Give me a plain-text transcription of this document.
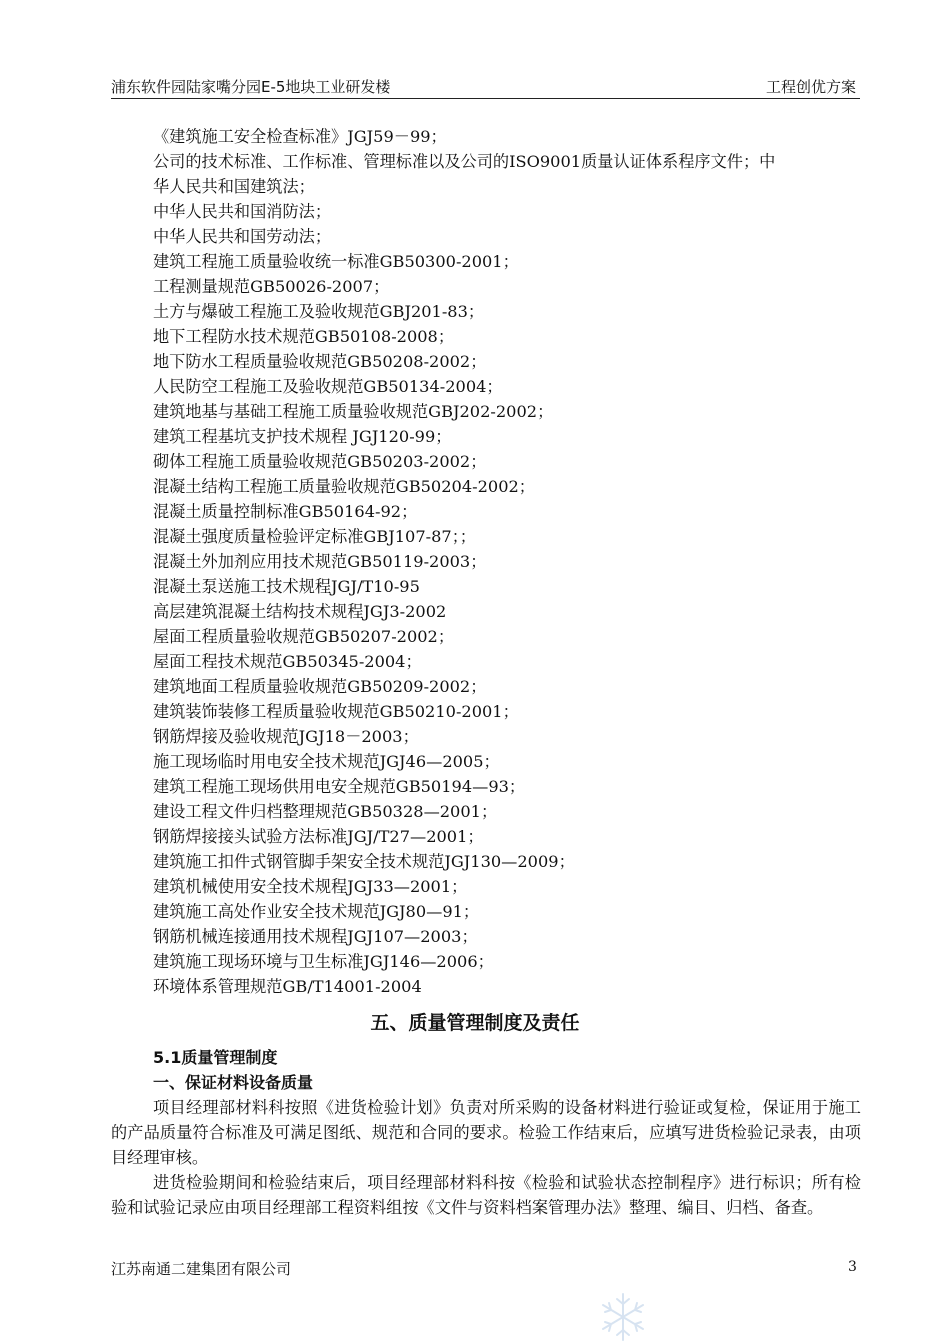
浦东软件园陆家嘴分园E-5地块工业研发楼	工程创优方案
《建筑施工安全检查标准》JGJ59－99；
公司的技术标准、工作标准、管理标准以及公司的ISO9001质量认证体系程序文件；中
华人民共和国建筑法；
中华人民共和国消防法；
中华人民共和国劳动法；
建筑工程施工质量验收统一标准GB50300-2001；
工程测量规范GB50026-2007；
土方与爆破工程施工及验收规范GBJ201-83；
地下工程防水技术规范GB50108-2008；
地下防水工程质量验收规范GB50208-2002；
人民防空工程施工及验收规范GB50134-2004；
建筑地基与基础工程施工质量验收规范GBJ202-2002；
建筑工程基坑支护技术规程 JGJ120-99；
砌体工程施工质量验收规范GB50203-2002；
混凝土结构工程施工质量验收规范GB50204-2002；
混凝土质量控制标准GB50164-92；
混凝土强度质量检验评定标准GBJ107-87；；
混凝土外加剂应用技术规范GB50119-2003；
混凝土泵送施工技术规程JGJ/T10-95
高层建筑混凝土结构技术规程JGJ3-2002
屋面工程质量验收规范GB50207-2002；
屋面工程技术规范GB50345-2004；
建筑地面工程质量验收规范GB50209-2002；
建筑装饰装修工程质量验收规范GB50210-2001；
钢筋焊接及验收规范JGJ18－2003；
施工现场临时用电安全技术规范JGJ46—2005；
建筑工程施工现场供用电安全规范GB50194—93；
建设工程文件归档整理规范GB50328—2001；
钢筋焊接接头试验方法标准JGJ/T27—2001；
建筑施工扣件式钢管脚手架安全技术规范JGJ130—2009；
建筑机械使用安全技术规程JGJ33—2001；
建筑施工高处作业安全技术规范JGJ80—91；
钢筋机械连接通用技术规程JGJ107—2003；
建筑施工现场环境与卫生标准JGJ146—2006；
环境体系管理规范GB/T14001-2004
五、质量管理制度及责任
5.1质量管理制度
一、保证材料设备质量
项目经理部材料科按照《进货检验计划》负责对所采购的设备材料进行验证或复检，保证用于施工的产品质量符合标准及可满足图纸、规范和合同的要求。检验工作结束后，应填写进货检验记录表，由项目经理审核。
进货检验期间和检验结束后，项目经理部材料科按《检验和试验状态控制程序》进行标识；所有检验和试验记录应由项目经理部工程资料组按《文件与资料档案管理办法》整理、编目、归档、备查。
江苏南通二建集团有限公司	3
